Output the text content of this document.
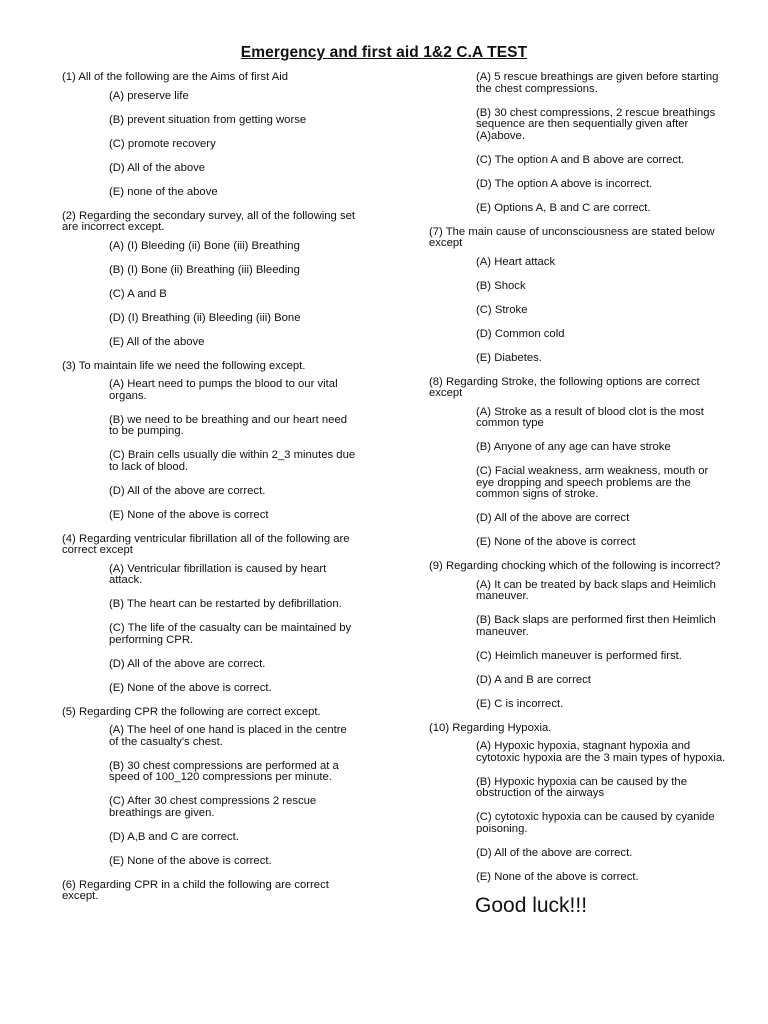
Emergency and first aid 1&2 C.A TEST
(1) All of the following are the Aims of first Aid
(A) preserve life
(B) prevent situation from getting worse
(C) promote recovery
(D) All of the above
(E) none of the above
(2) Regarding the secondary survey, all of the following set are incorrect except.
(A) (I) Bleeding (ii) Bone (iii) Breathing
(B) (I) Bone (ii) Breathing (iii) Bleeding
(C) A and B
(D) (I) Breathing (ii) Bleeding (iii) Bone
(E) All of the above
(3) To maintain life we need the following except.
(A) Heart need to pumps the blood to our vital organs.
(B) we need to be breathing and our heart need to be pumping.
(C) Brain cells usually die within 2_3 minutes due to lack of blood.
(D) All of the above are correct.
(E) None of the above is correct
(4) Regarding ventricular fibrillation all of the following are correct except
(A) Ventricular fibrillation is caused by heart attack.
(B) The heart can be restarted by defibrillation.
(C) The life of the casualty can be maintained by performing CPR.
(D) All of the above are correct.
(E) None of the above is correct.
(5) Regarding CPR the following are correct except.
(A) The heel of one hand is placed in the centre of the casualty's chest.
(B) 30 chest compressions are performed at a speed of 100_120 compressions per minute.
(C) After 30 chest compressions 2 rescue breathings are given.
(D) A,B and C are correct.
(E) None of the above is correct.
(6) Regarding CPR in a child the following are correct except.
(A) 5 rescue breathings are given before starting the chest compressions.
(B) 30 chest compressions, 2 rescue breathings sequence are then sequentially given after (A)above.
(C) The option A and B above are correct.
(D) The option A above is incorrect.
(E) Options A, B and C are correct.
(7) The main cause of unconsciousness are stated below except
(A) Heart attack
(B) Shock
(C) Stroke
(D) Common cold
(E) Diabetes.
(8) Regarding Stroke, the following options are correct except
(A) Stroke as a result of blood clot is the most common type
(B) Anyone of any age can have stroke
(C) Facial weakness, arm weakness, mouth or eye dropping and speech problems are the common signs of stroke.
(D) All of the above are correct
(E) None of the above is correct
(9) Regarding chocking which of the following is incorrect?
(A) It can be treated by back slaps and Heimlich maneuver.
(B) Back slaps are performed first then Heimlich maneuver.
(C) Heimlich maneuver is performed first.
(D) A and B are correct
(E) C is incorrect.
(10) Regarding Hypoxia.
(A) Hypoxic hypoxia, stagnant hypoxia and cytotoxic hypoxia are the 3 main types of hypoxia.
(B) Hypoxic hypoxia can be caused by the obstruction of the airways
(C) cytotoxic hypoxia can be caused by cyanide poisoning.
(D) All of the above are correct.
(E) None of the above is correct.
Good luck!!!
